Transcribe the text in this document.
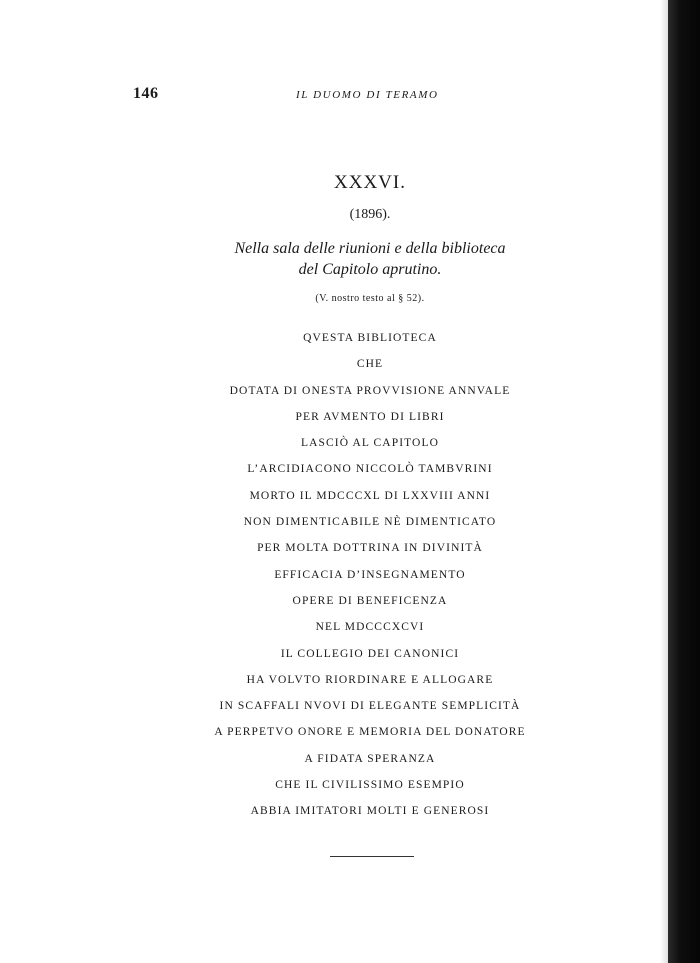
146	IL DUOMO DI TERAMO
XXXVI.
(1896).
Nella sala delle riunioni e della biblioteca
del Capitolo aprutino.
(V. nostro testo al § 52).
QVESTA BIBLIOTECA
CHE
DOTATA DI ONESTA PROVVISIONE ANNVALE
PER AVMENTO DI LIBRI
LASCIÒ AL CAPITOLO
L’ARCIDIACONO NICCOLÒ TAMBVRINI
MORTO IL MDCCCXL DI LXXVIII ANNI
NON DIMENTICABILE NÈ DIMENTICATO
PER MOLTA DOTTRINA IN DIVINITÀ
EFFICACIA D’INSEGNAMENTO
OPERE DI BENEFICENZA
NEL MDCCCXCVI
IL COLLEGIO DEI CANONICI
HA VOLVTO RIORDINARE E ALLOGARE
IN SCAFFALI NVOVI DI ELEGANTE SEMPLICITÀ
A PERPETVO ONORE E MEMORIA DEL DONATORE
A FIDATA SPERANZA
CHE IL CIVILISSIMO ESEMPIO
ABBIA IMITATORI MOLTI E GENEROSI
